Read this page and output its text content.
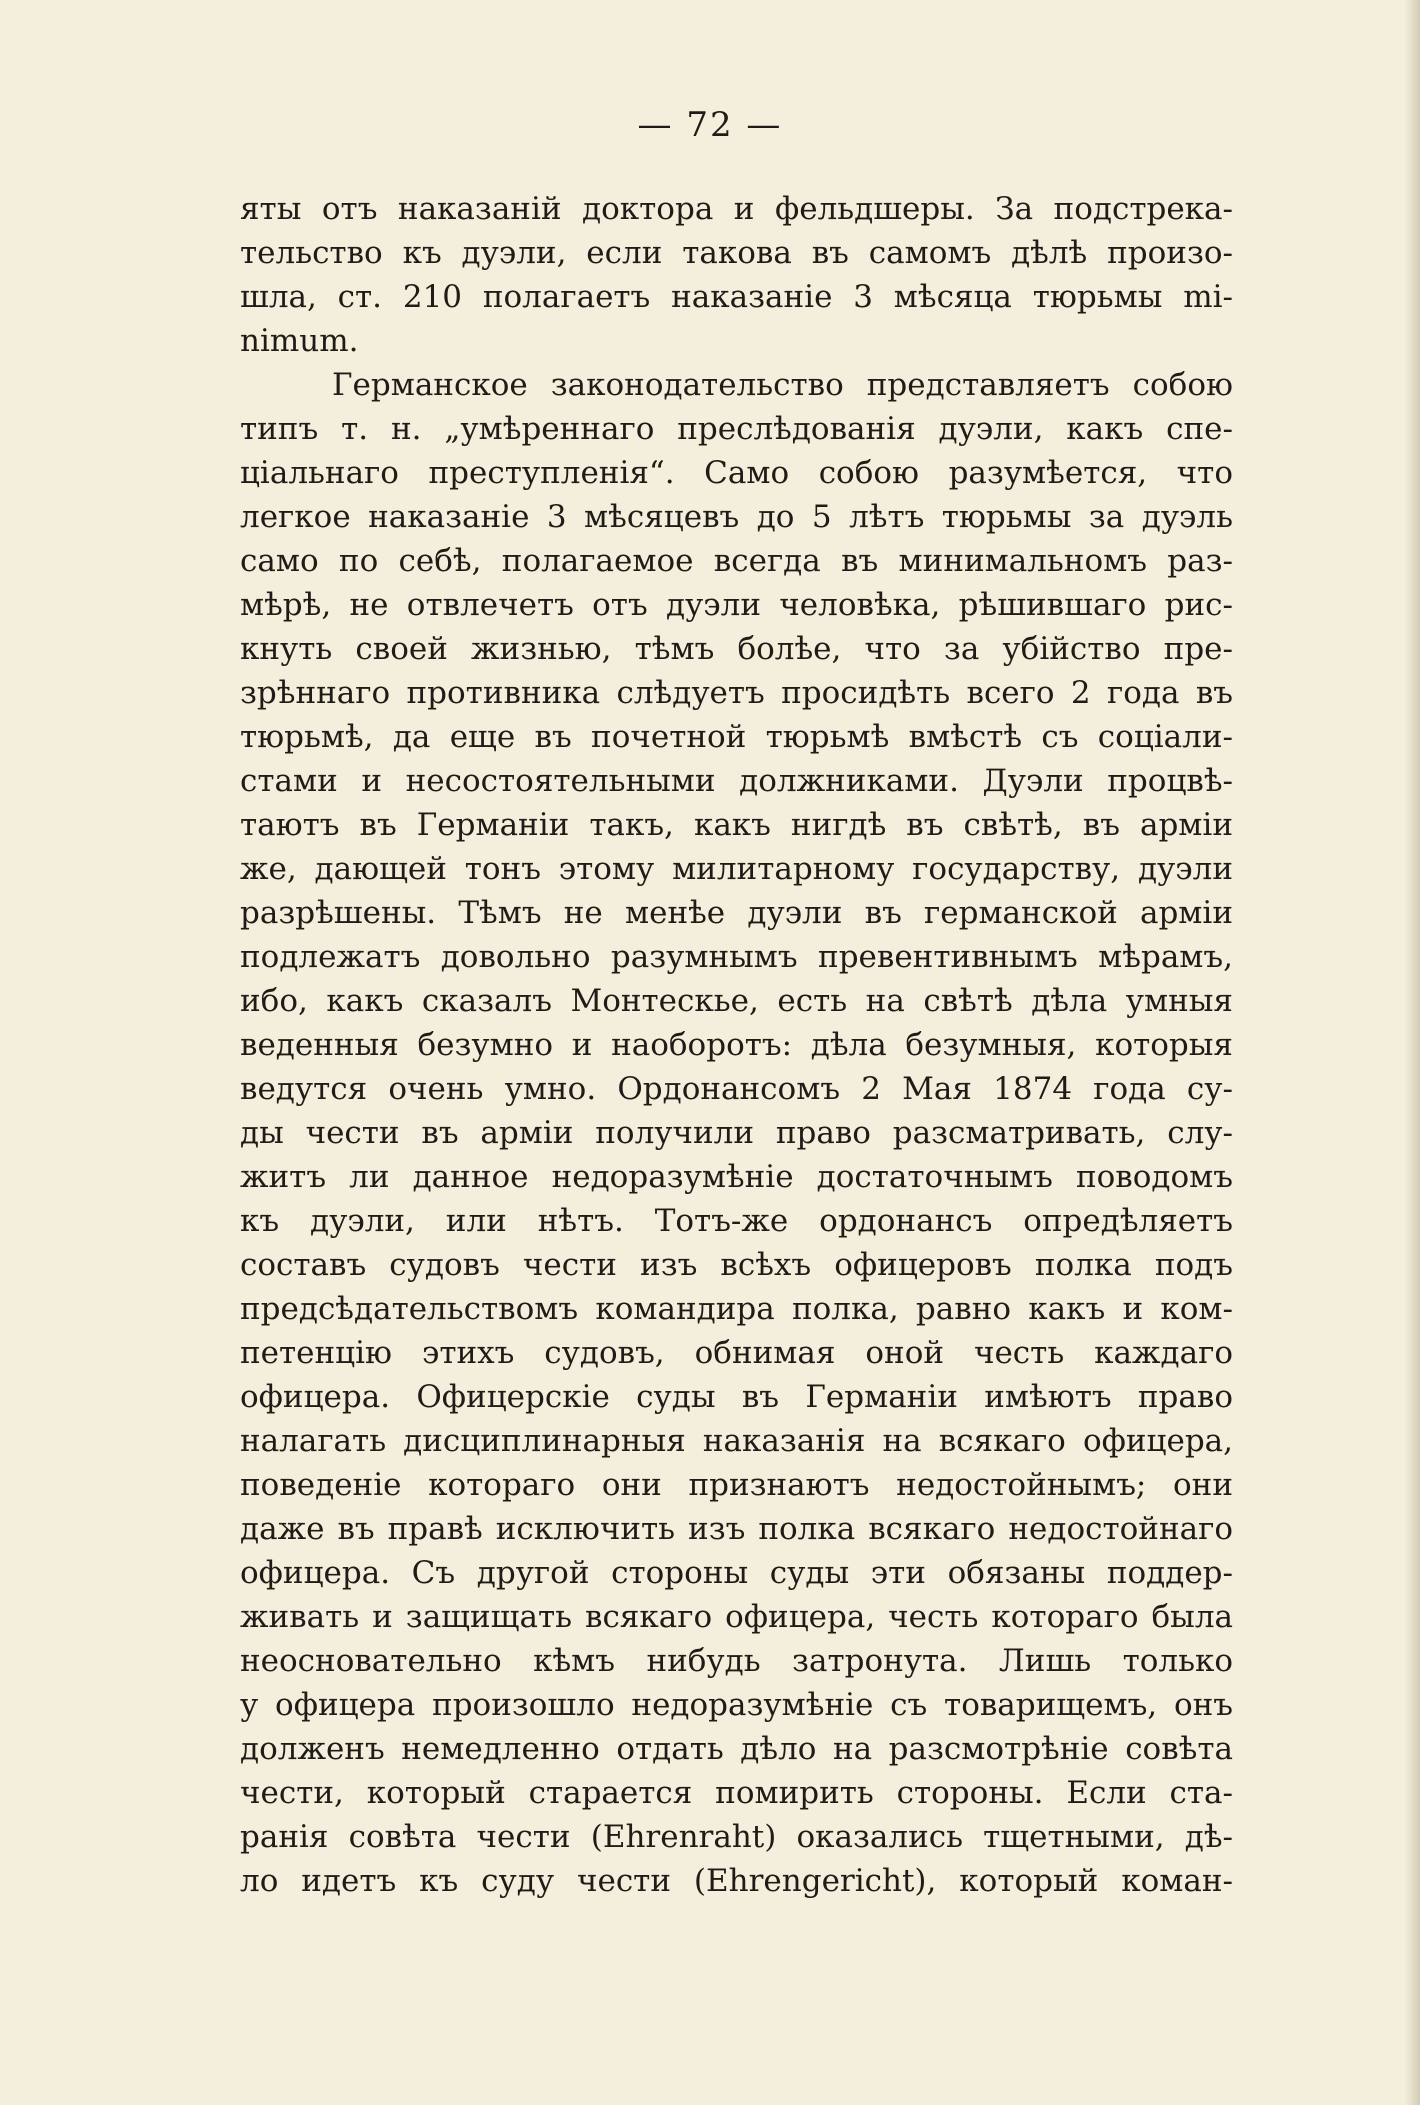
— 72 —
яты отъ наказаній доктора и фельдшеры. За подстрека-
тельство къ дуэли, если такова въ самомъ дѣлѣ произо-
шла, ст. 210 полагаетъ наказаніе 3 мѣсяца тюрьмы mi-
nimum.
Германское законодательство представляетъ собою
типъ т. н. „умѣреннаго преслѣдованія дуэли, какъ спе-
ціальнаго преступленія“. Само собою разумѣется, что
легкое наказаніе 3 мѣсяцевъ до 5 лѣтъ тюрьмы за дуэль
само по себѣ, полагаемое всегда въ минимальномъ раз-
мѣрѣ, не отвлечетъ отъ дуэли человѣка, рѣшившаго рис-
кнуть своей жизнью, тѣмъ болѣе, что за убійство пре-
зрѣннаго противника слѣдуетъ просидѣть всего 2 года въ
тюрьмѣ, да еще въ почетной тюрьмѣ вмѣстѣ съ соціали-
стами и несостоятельными должниками. Дуэли процвѣ-
таютъ въ Германіи такъ, какъ нигдѣ въ свѣтѣ, въ арміи
же, дающей тонъ этому милитарному государству, дуэли
разрѣшены. Тѣмъ не менѣе дуэли въ германской арміи
подлежатъ довольно разумнымъ превентивнымъ мѣрамъ,
ибо, какъ сказалъ Монтескье, есть на свѣтѣ дѣла умныя
веденныя безумно и наоборотъ: дѣла безумныя, которыя
ведутся очень умно. Ордонансомъ 2 Мая 1874 года су-
ды чести въ арміи получили право разсматривать, слу-
житъ ли данное недоразумѣніе достаточнымъ поводомъ
къ дуэли, или нѣтъ. Тотъ-же ордонансъ опредѣляетъ
составъ судовъ чести изъ всѣхъ офицеровъ полка подъ
предсѣдательствомъ командира полка, равно какъ и ком-
петенцію этихъ судовъ, обнимая оной честь каждаго
офицера. Офицерскіе суды въ Германіи имѣютъ право
налагать дисциплинарныя наказанія на всякаго офицера,
поведеніе котораго они признаютъ недостойнымъ; они
даже въ правѣ исключить изъ полка всякаго недостойнаго
офицера. Съ другой стороны суды эти обязаны поддер-
живать и защищать всякаго офицера, честь котораго была
неосновательно кѣмъ нибудь затронута. Лишь только
у офицера произошло недоразумѣніе съ товарищемъ, онъ
долженъ немедленно отдать дѣло на разсмотрѣніе совѣта
чести, который старается помирить стороны. Если ста-
ранія совѣта чести (Ehrenraht) оказались тщетными, дѣ-
ло идетъ къ суду чести (Ehrengericht), который коман-
